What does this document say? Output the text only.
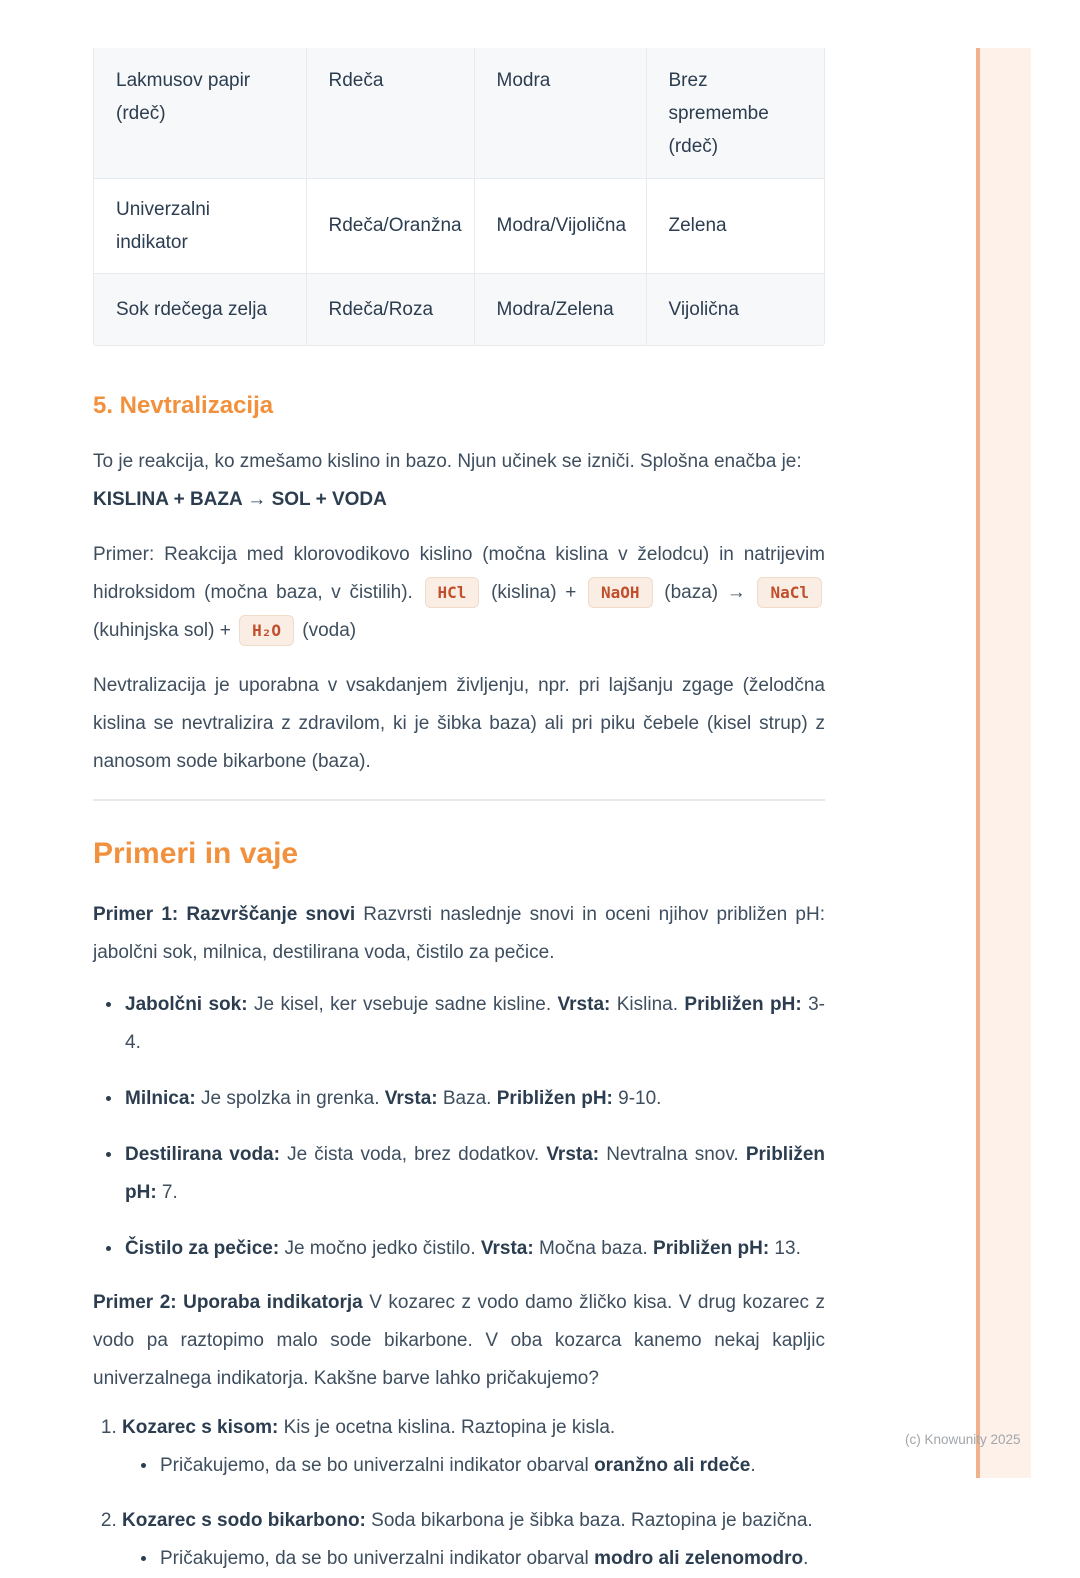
(c) Knowunity 2025
Lakmusov papir (rdeč)	Rdeča	Modra	Brez spremembe (rdeč)
Univerzalni indikator	Rdeča/Oranžna	Modra/Vijolična	Zelena
Sok rdečega zelja	Rdeča/Roza	Modra/Zelena	Vijolična
5. Nevtralizacija

To je reakcija, ko zmešamo kislino in bazo. Njun učinek se izniči. Splošna enačba je:

KISLINA + BAZA → SOL + VODA

Primer: Reakcija med klorovodikovo kislino (močna kislina v želodcu) in natrijevim hidroksidom (močna baza, v čistilih). HCl (kislina) + NaOH (baza) → NaCl (kuhinjska sol) + H₂O (voda)

Nevtralizacija je uporabna v vsakdanjem življenju, npr. pri lajšanju zgage (želodčna kislina se nevtralizira z zdravilom, ki je šibka baza) ali pri piku čebele (kisel strup) z nanosom sode bikarbone (baza).

Primeri in vaje

Primer 1: Razvrščanje snovi Razvrsti naslednje snovi in oceni njihov približen pH: jabolčni sok, milnica, destilirana voda, čistilo za pečice.

Jabolčni sok: Je kisel, ker vsebuje sadne kisline. Vrsta: Kislina. Približen pH: 3-4.
Milnica: Je spolzka in grenka. Vrsta: Baza. Približen pH: 9-10.
Destilirana voda: Je čista voda, brez dodatkov. Vrsta: Nevtralna snov. Približen pH: 7.
Čistilo za pečice: Je močno jedko čistilo. Vrsta: Močna baza. Približen pH: 13.

Primer 2: Uporaba indikatorja V kozarec z vodo damo žličko kisa. V drug kozarec z vodo pa raztopimo malo sode bikarbone. V oba kozarca kanemo nekaj kapljic univerzalnega indikatorja. Kakšne barve lahko pričakujemo?

1. Kozarec s kisom: Kis je ocetna kislina. Raztopina je kisla.
Pričakujemo, da se bo univerzalni indikator obarval oranžno ali rdeče.
2. Kozarec s sodo bikarbono: Soda bikarbona je šibka baza. Raztopina je bazična.
Pričakujemo, da se bo univerzalni indikator obarval modro ali zelenomodro.
